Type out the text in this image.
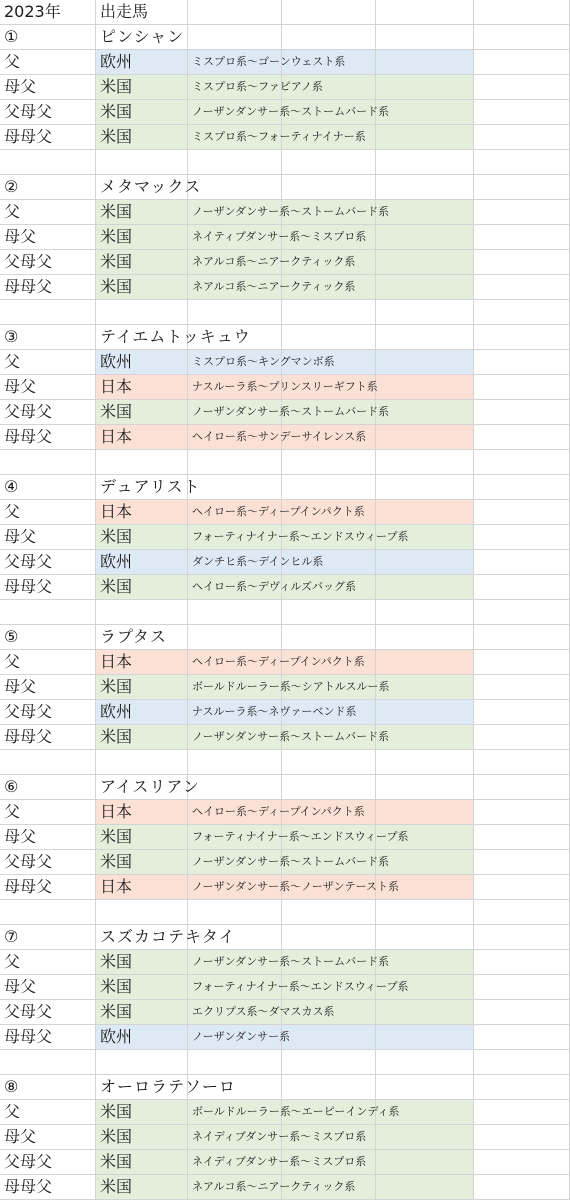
2023年	出走馬
①	ピンシャン
父	欧州	ミスプロ系～ゴーンウェスト系
母父	米国	ミスプロ系～ファピアノ系
父母父	米国	ノーザンダンサー系～ストームバード系
母母父	米国	ミスプロ系～フォーティナイナー系
②	メタマックス
父	米国	ノーザンダンサー系～ストームバード系
母父	米国	ネイティブダンサー系～ミスプロ系
父母父	米国	ネアルコ系～ニアークティック系
母母父	米国	ネアルコ系～ニアークティック系
③	テイエムトッキュウ
父	欧州	ミスプロ系～キングマンボ系
母父	日本	ナスルーラ系～プリンスリーギフト系
父母父	米国	ノーザンダンサー系～ストームバード系
母母父	日本	ヘイロー系～サンデーサイレンス系
④	デュアリスト
父	日本	ヘイロー系～ディープインパクト系
母父	米国	フォーティナイナー系～エンドスウィープ系
父母父	欧州	ダンチヒ系～デインヒル系
母母父	米国	ヘイロー系～デヴィルズバッグ系
⑤	ラプタス
父	日本	ヘイロー系～ディープインパクト系
母父	米国	ボールドルーラー系～シアトルスルー系
父母父	欧州	ナスルーラ系～ネヴァーベンド系
母母父	米国	ノーザンダンサー系～ストームバード系
⑥	アイスリアン
父	日本	ヘイロー系～ディープインパクト系
母父	米国	フォーティナイナー系～エンドスウィープ系
父母父	米国	ノーザンダンサー系～ストームバード系
母母父	日本	ノーザンダンサー系～ノーザンテースト系
⑦	スズカコテキタイ
父	米国	ノーザンダンサー系～ストームバード系
母父	米国	フォーティナイナー系～エンドスウィープ系
父母父	米国	エクリプス系～ダマスカス系
母母父	欧州	ノーザンダンサー系
⑧	オーロラテソーロ
父	米国	ボールドルーラー系～エーピーインディ系
母父	米国	ネイディブダンサー系～ミスプロ系
父母父	米国	ネイディブダンサー系～ミスプロ系
母母父	米国	ネアルコ系～ニアークティック系
